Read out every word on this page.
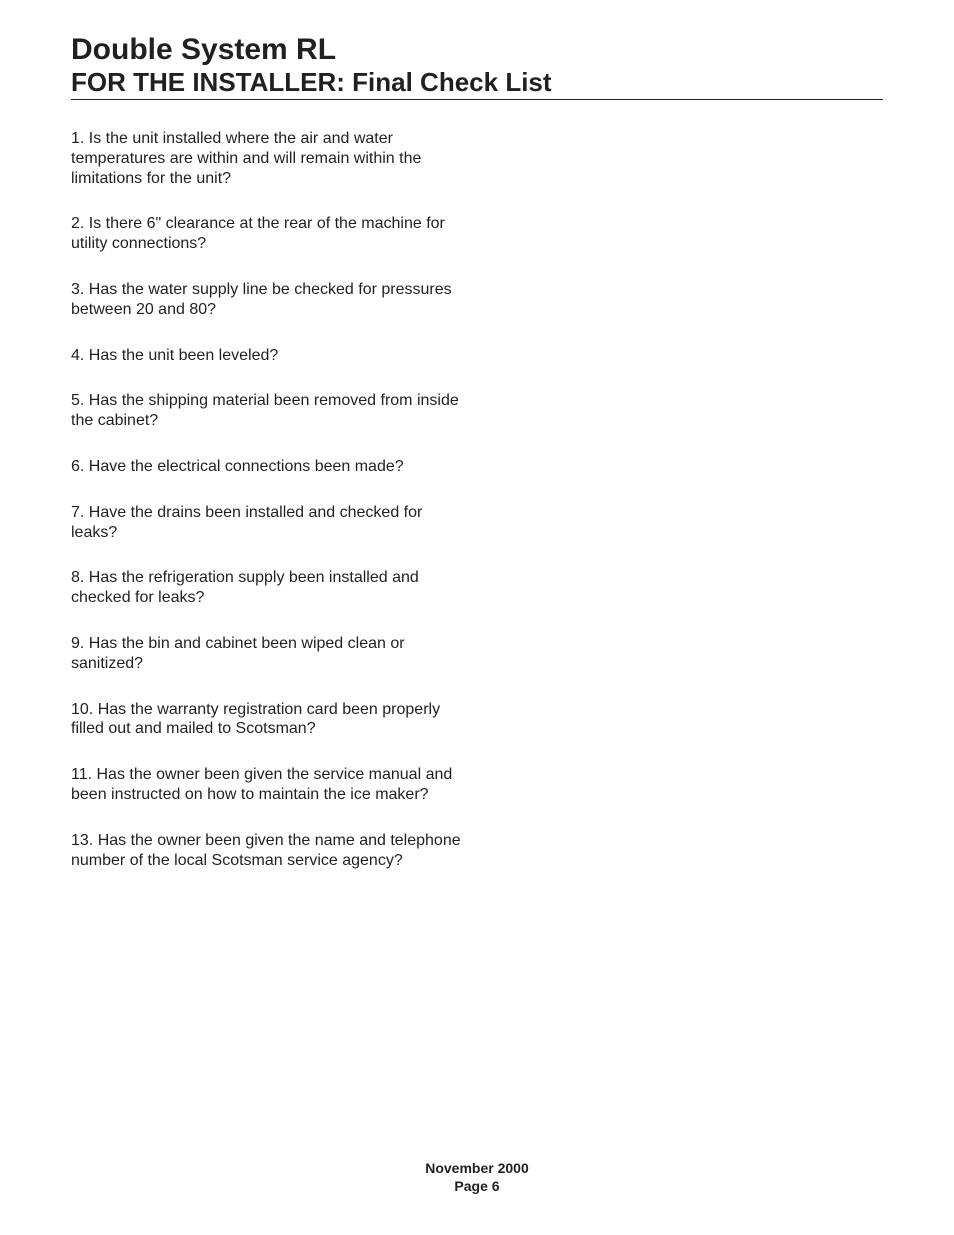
Double System RL
FOR THE INSTALLER: Final Check List
1. Is the unit installed where the air and water temperatures are within and will remain within the limitations for the unit?
2. Is there 6" clearance at the rear of the machine for utility connections?
3. Has the water supply line be checked for pressures between 20 and 80?
4. Has the unit been leveled?
5. Has the shipping material been removed from inside the cabinet?
6. Have the electrical connections been made?
7. Have the drains been installed and checked for leaks?
8. Has the refrigeration supply been installed and checked for leaks?
9. Has the bin and cabinet been wiped clean or sanitized?
10. Has the warranty registration card been properly filled out and mailed to Scotsman?
11. Has the owner been given the service manual and been instructed on how to maintain the ice maker?
13. Has the owner been given the name and telephone number of the local Scotsman service agency?
November 2000
Page 6
